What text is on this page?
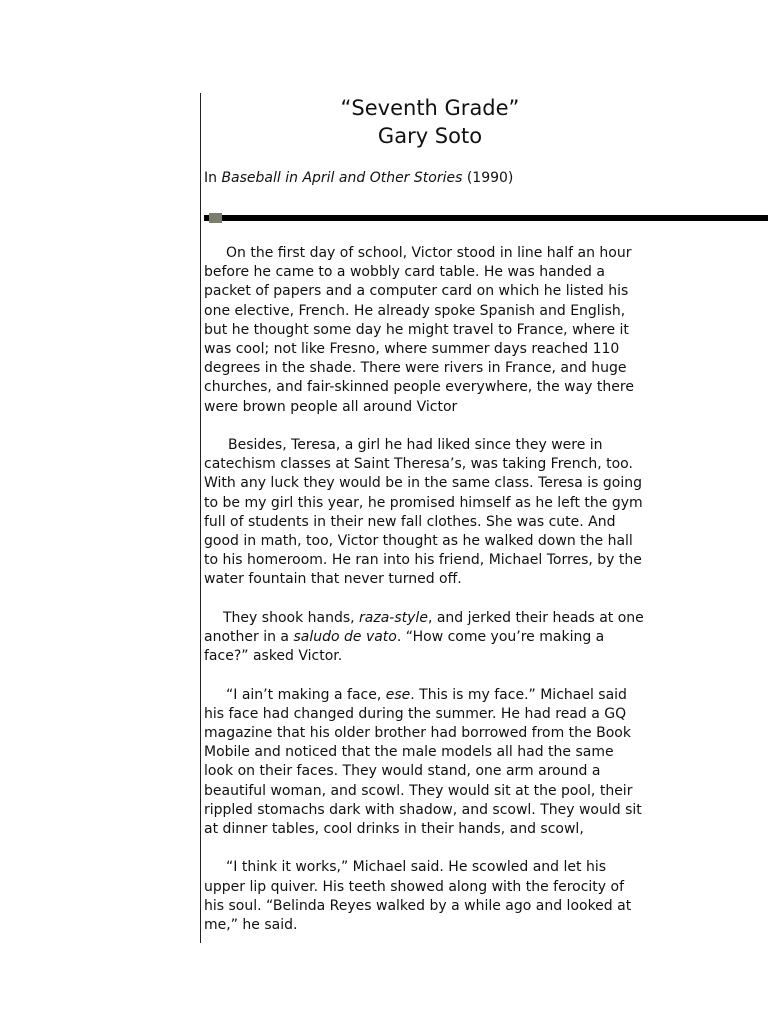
“Seventh Grade”
Gary Soto
In Baseball in April and Other Stories (1990)

On the first day of school, Victor stood in line half an hour
before he came to a wobbly card table. He was handed a
packet of papers and a computer card on which he listed his
one elective, French. He already spoke Spanish and English,
but he thought some day he might travel to France, where it
was cool; not like Fresno, where summer days reached 110
degrees in the shade. There were rivers in France, and huge
churches, and fair-skinned people everywhere, the way there
were brown people all around Victor

Besides, Teresa, a girl he had liked since they were in
catechism classes at Saint Theresa’s, was taking French, too.
With any luck they would be in the same class. Teresa is going
to be my girl this year, he promised himself as he left the gym
full of students in their new fall clothes. She was cute. And
good in math, too, Victor thought as he walked down the hall
to his homeroom. He ran into his friend, Michael Torres, by the
water fountain that never turned off.

They shook hands, raza-style, and jerked their heads at one
another in a saludo de vato. “How come you’re making a
face?” asked Victor.

“I ain’t making a face, ese. This is my face.” Michael said
his face had changed during the summer. He had read a GQ
magazine that his older brother had borrowed from the Book
Mobile and noticed that the male models all had the same
look on their faces. They would stand, one arm around a
beautiful woman, and scowl. They would sit at the pool, their
rippled stomachs dark with shadow, and scowl. They would sit
at dinner tables, cool drinks in their hands, and scowl,

“I think it works,” Michael said. He scowled and let his
upper lip quiver. His teeth showed along with the ferocity of
his soul. “Belinda Reyes walked by a while ago and looked at
me,” he said.
